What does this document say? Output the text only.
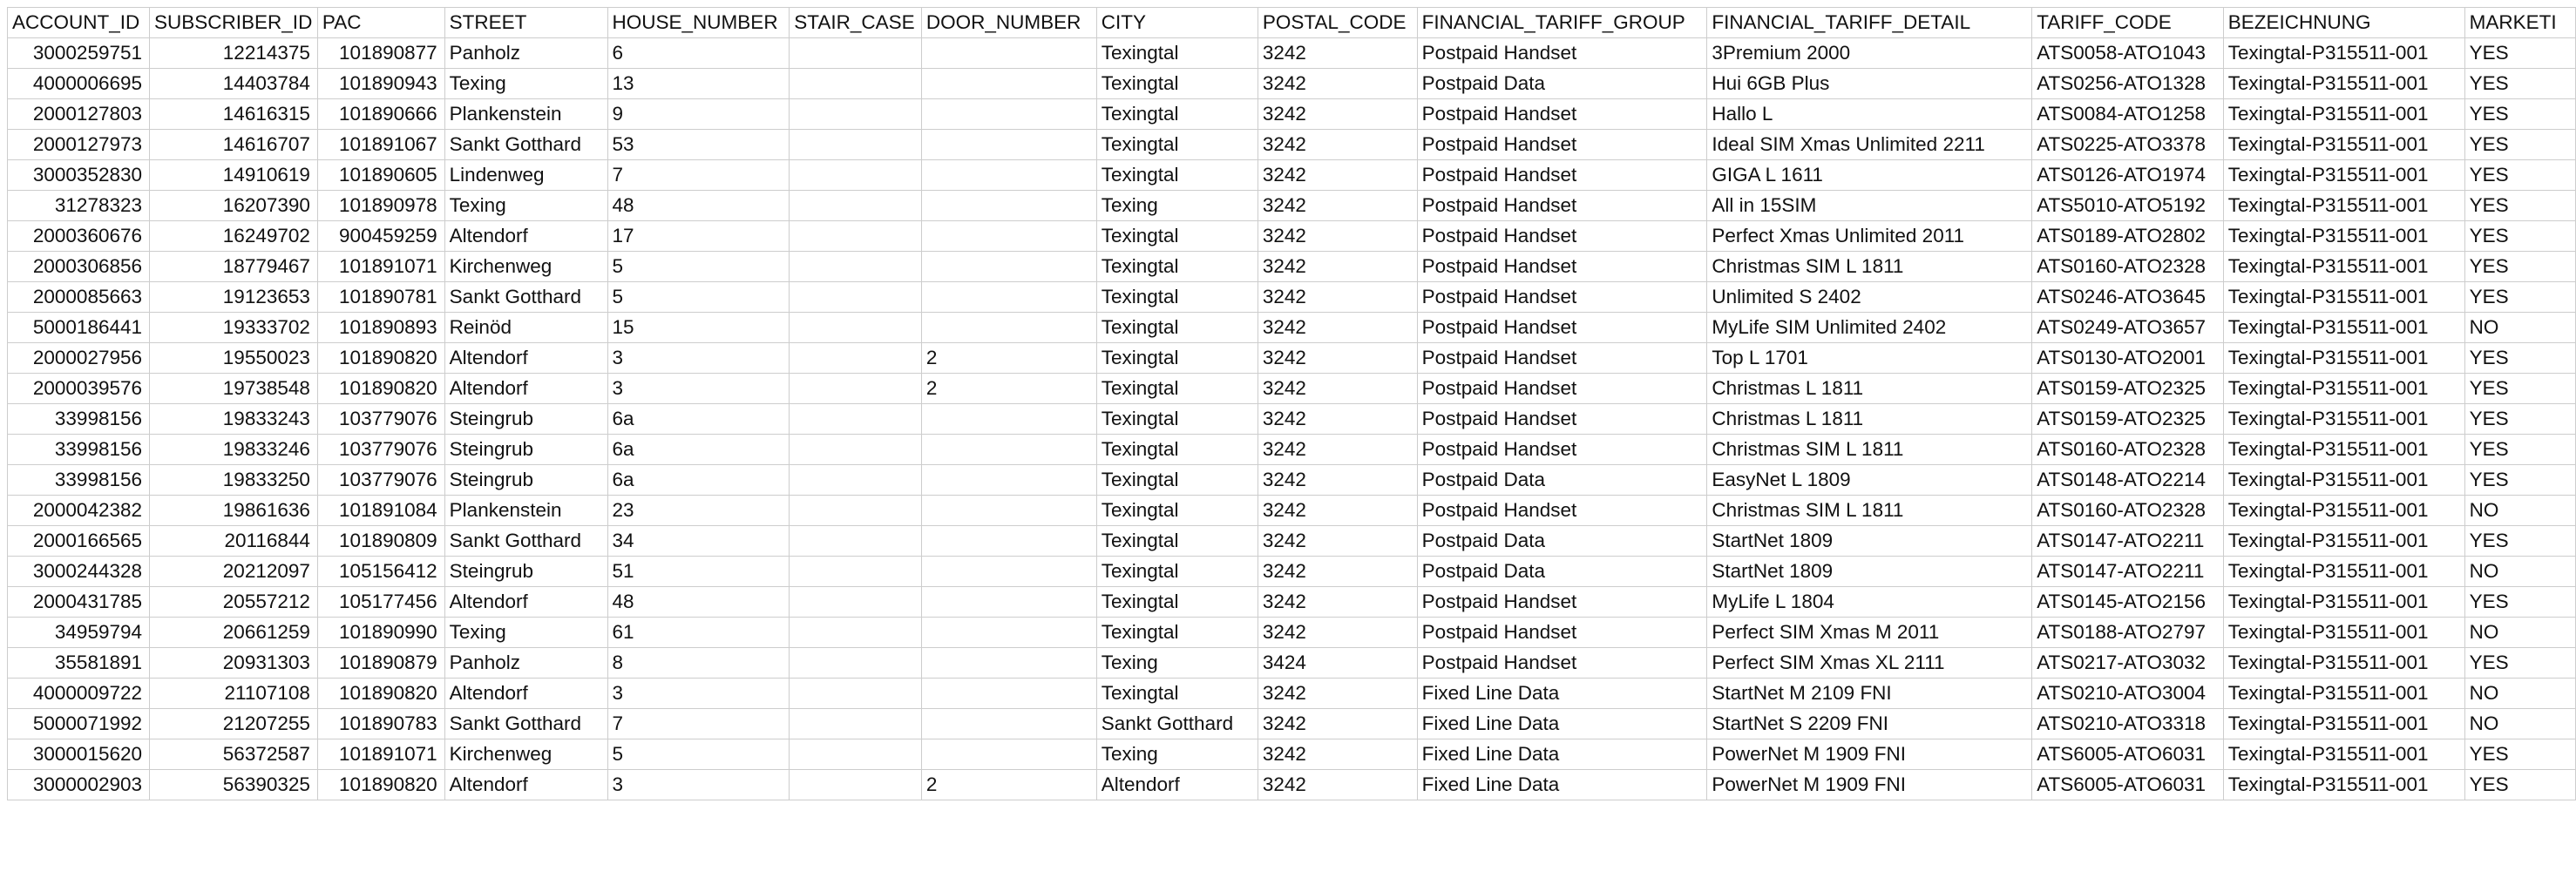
ACCOUNT_ID	SUBSCRIBER_ID	PAC	STREET	HOUSE_NUMBER	STAIR_CASE	DOOR_NUMBER	CITY	POSTAL_CODE	FINANCIAL_TARIFF_GROUP	FINANCIAL_TARIFF_DETAIL	TARIFF_CODE	BEZEICHNUNG	MARKETI
3000259751	12214375	101890877	Panholz	6			Texingtal	3242	Postpaid Handset	3Premium 2000	ATS0058-ATO1043	Texingtal-P315511-001	YES
4000006695	14403784	101890943	Texing	13			Texingtal	3242	Postpaid Data	Hui 6GB Plus	ATS0256-ATO1328	Texingtal-P315511-001	YES
2000127803	14616315	101890666	Plankenstein	9			Texingtal	3242	Postpaid Handset	Hallo L	ATS0084-ATO1258	Texingtal-P315511-001	YES
2000127973	14616707	101891067	Sankt Gotthard	53			Texingtal	3242	Postpaid Handset	Ideal SIM Xmas Unlimited 2211	ATS0225-ATO3378	Texingtal-P315511-001	YES
3000352830	14910619	101890605	Lindenweg	7			Texingtal	3242	Postpaid Handset	GIGA L 1611	ATS0126-ATO1974	Texingtal-P315511-001	YES
31278323	16207390	101890978	Texing	48			Texing	3242	Postpaid Handset	All in 15SIM	ATS5010-ATO5192	Texingtal-P315511-001	YES
2000360676	16249702	900459259	Altendorf	17			Texingtal	3242	Postpaid Handset	Perfect Xmas Unlimited 2011	ATS0189-ATO2802	Texingtal-P315511-001	YES
2000306856	18779467	101891071	Kirchenweg	5			Texingtal	3242	Postpaid Handset	Christmas SIM L 1811	ATS0160-ATO2328	Texingtal-P315511-001	YES
2000085663	19123653	101890781	Sankt Gotthard	5			Texingtal	3242	Postpaid Handset	Unlimited S 2402	ATS0246-ATO3645	Texingtal-P315511-001	YES
5000186441	19333702	101890893	Reinöd	15			Texingtal	3242	Postpaid Handset	MyLife SIM Unlimited 2402	ATS0249-ATO3657	Texingtal-P315511-001	NO
2000027956	19550023	101890820	Altendorf	3		2	Texingtal	3242	Postpaid Handset	Top L 1701	ATS0130-ATO2001	Texingtal-P315511-001	YES
2000039576	19738548	101890820	Altendorf	3		2	Texingtal	3242	Postpaid Handset	Christmas L 1811	ATS0159-ATO2325	Texingtal-P315511-001	YES
33998156	19833243	103779076	Steingrub	6a			Texingtal	3242	Postpaid Handset	Christmas L 1811	ATS0159-ATO2325	Texingtal-P315511-001	YES
33998156	19833246	103779076	Steingrub	6a			Texingtal	3242	Postpaid Handset	Christmas SIM L 1811	ATS0160-ATO2328	Texingtal-P315511-001	YES
33998156	19833250	103779076	Steingrub	6a			Texingtal	3242	Postpaid Data	EasyNet L 1809	ATS0148-ATO2214	Texingtal-P315511-001	YES
2000042382	19861636	101891084	Plankenstein	23			Texingtal	3242	Postpaid Handset	Christmas SIM L 1811	ATS0160-ATO2328	Texingtal-P315511-001	NO
2000166565	20116844	101890809	Sankt Gotthard	34			Texingtal	3242	Postpaid Data	StartNet 1809	ATS0147-ATO2211	Texingtal-P315511-001	YES
3000244328	20212097	105156412	Steingrub	51			Texingtal	3242	Postpaid Data	StartNet 1809	ATS0147-ATO2211	Texingtal-P315511-001	NO
2000431785	20557212	105177456	Altendorf	48			Texingtal	3242	Postpaid Handset	MyLife L 1804	ATS0145-ATO2156	Texingtal-P315511-001	YES
34959794	20661259	101890990	Texing	61			Texingtal	3242	Postpaid Handset	Perfect SIM Xmas M 2011	ATS0188-ATO2797	Texingtal-P315511-001	NO
35581891	20931303	101890879	Panholz	8			Texing	3424	Postpaid Handset	Perfect SIM Xmas XL 2111	ATS0217-ATO3032	Texingtal-P315511-001	YES
4000009722	21107108	101890820	Altendorf	3			Texingtal	3242	Fixed Line Data	StartNet M 2109 FNI	ATS0210-ATO3004	Texingtal-P315511-001	NO
5000071992	21207255	101890783	Sankt Gotthard	7			Sankt Gotthard	3242	Fixed Line Data	StartNet S 2209 FNI	ATS0210-ATO3318	Texingtal-P315511-001	NO
3000015620	56372587	101891071	Kirchenweg	5			Texing	3242	Fixed Line Data	PowerNet M 1909 FNI	ATS6005-ATO6031	Texingtal-P315511-001	YES
3000002903	56390325	101890820	Altendorf	3		2	Altendorf	3242	Fixed Line Data	PowerNet M 1909 FNI	ATS6005-ATO6031	Texingtal-P315511-001	YES
